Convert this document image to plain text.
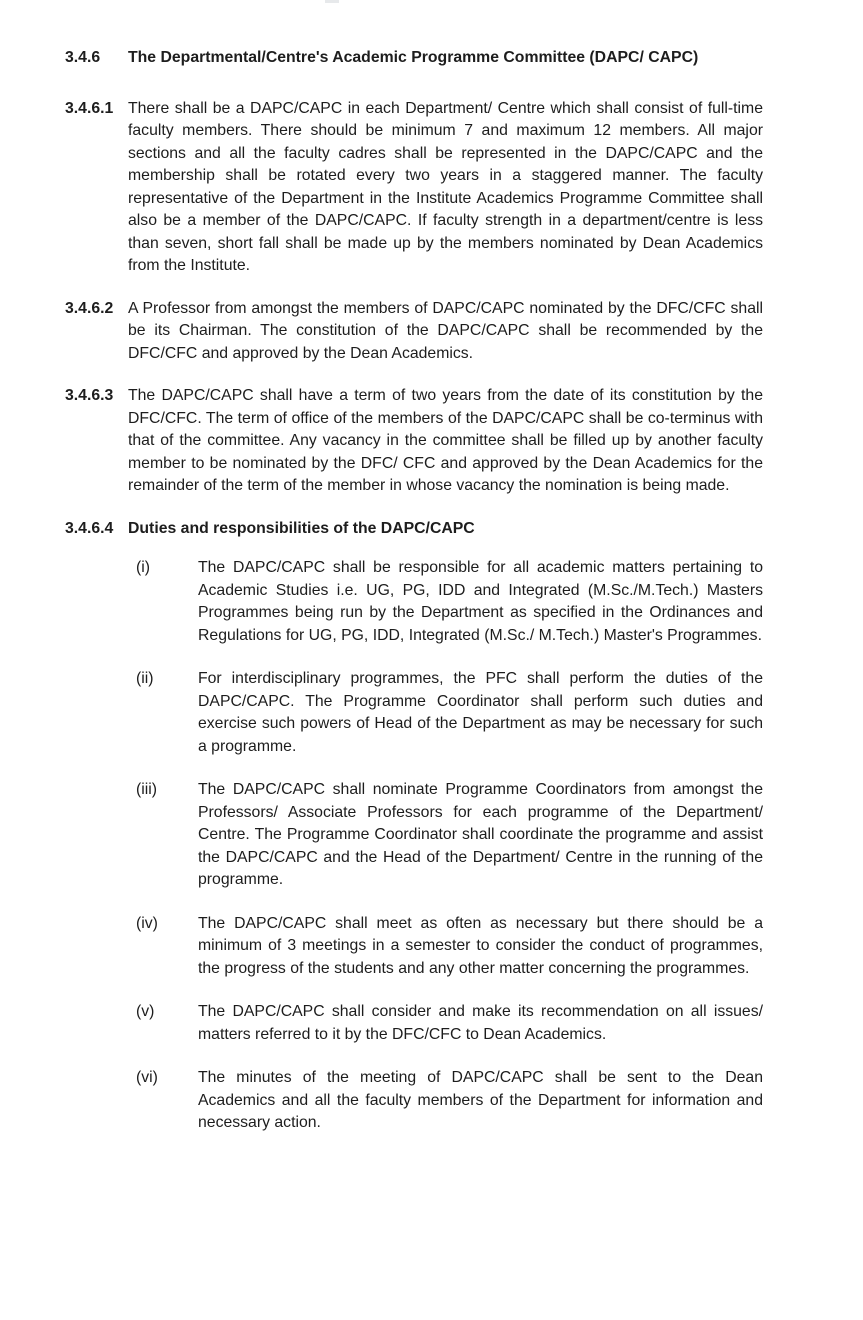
3.4.6	The Departmental/Centre's Academic Programme Committee (DAPC/ CAPC)
3.4.6.1 There shall be a DAPC/CAPC in each Department/ Centre which shall consist of full-time faculty members. There should be minimum 7 and maximum 12 members. All major sections and all the faculty cadres shall be represented in the DAPC/CAPC and the membership shall be rotated every two years in a staggered manner. The faculty representative of the Department in the Institute Academics Programme Committee shall also be a member of the DAPC/CAPC. If faculty strength in a department/centre is less than seven, short fall shall be made up by the members nominated by Dean Academics from the Institute.
3.4.6.2 A Professor from amongst the members of DAPC/CAPC nominated by the DFC/CFC shall be its Chairman. The constitution of the DAPC/CAPC shall be recommended by the DFC/CFC and approved by the Dean Academics.
3.4.6.3 The DAPC/CAPC shall have a term of two years from the date of its constitution by the DFC/CFC. The term of office of the members of the DAPC/CAPC shall be co-terminus with that of the committee. Any vacancy in the committee shall be filled up by another faculty member to be nominated by the DFC/ CFC and approved by the Dean Academics for the remainder of the term of the member in whose vacancy the nomination is being made.
3.4.6.4 Duties and responsibilities of the DAPC/CAPC
(i)	The DAPC/CAPC shall be responsible for all academic matters pertaining to Academic Studies i.e. UG, PG, IDD and Integrated (M.Sc./M.Tech.) Masters Programmes being run by the Department as specified in the Ordinances and Regulations for UG, PG, IDD, Integrated (M.Sc./ M.Tech.) Master's Programmes.
(ii)	For interdisciplinary programmes, the PFC shall perform the duties of the DAPC/CAPC. The Programme Coordinator shall perform such duties and exercise such powers of Head of the Department as may be necessary for such a programme.
(iii)	The DAPC/CAPC shall nominate Programme Coordinators from amongst the Professors/ Associate Professors for each programme of the Department/ Centre. The Programme Coordinator shall coordinate the programme and assist the DAPC/CAPC and the Head of the Department/ Centre in the running of the programme.
(iv)	The DAPC/CAPC shall meet as often as necessary but there should be a minimum of 3 meetings in a semester to consider the conduct of programmes, the progress of the students and any other matter concerning the programmes.
(v)	The DAPC/CAPC shall consider and make its recommendation on all issues/ matters referred to it by the DFC/CFC to Dean Academics.
(vi)	The minutes of the meeting of DAPC/CAPC shall be sent to the Dean Academics and all the faculty members of the Department for information and necessary action.
